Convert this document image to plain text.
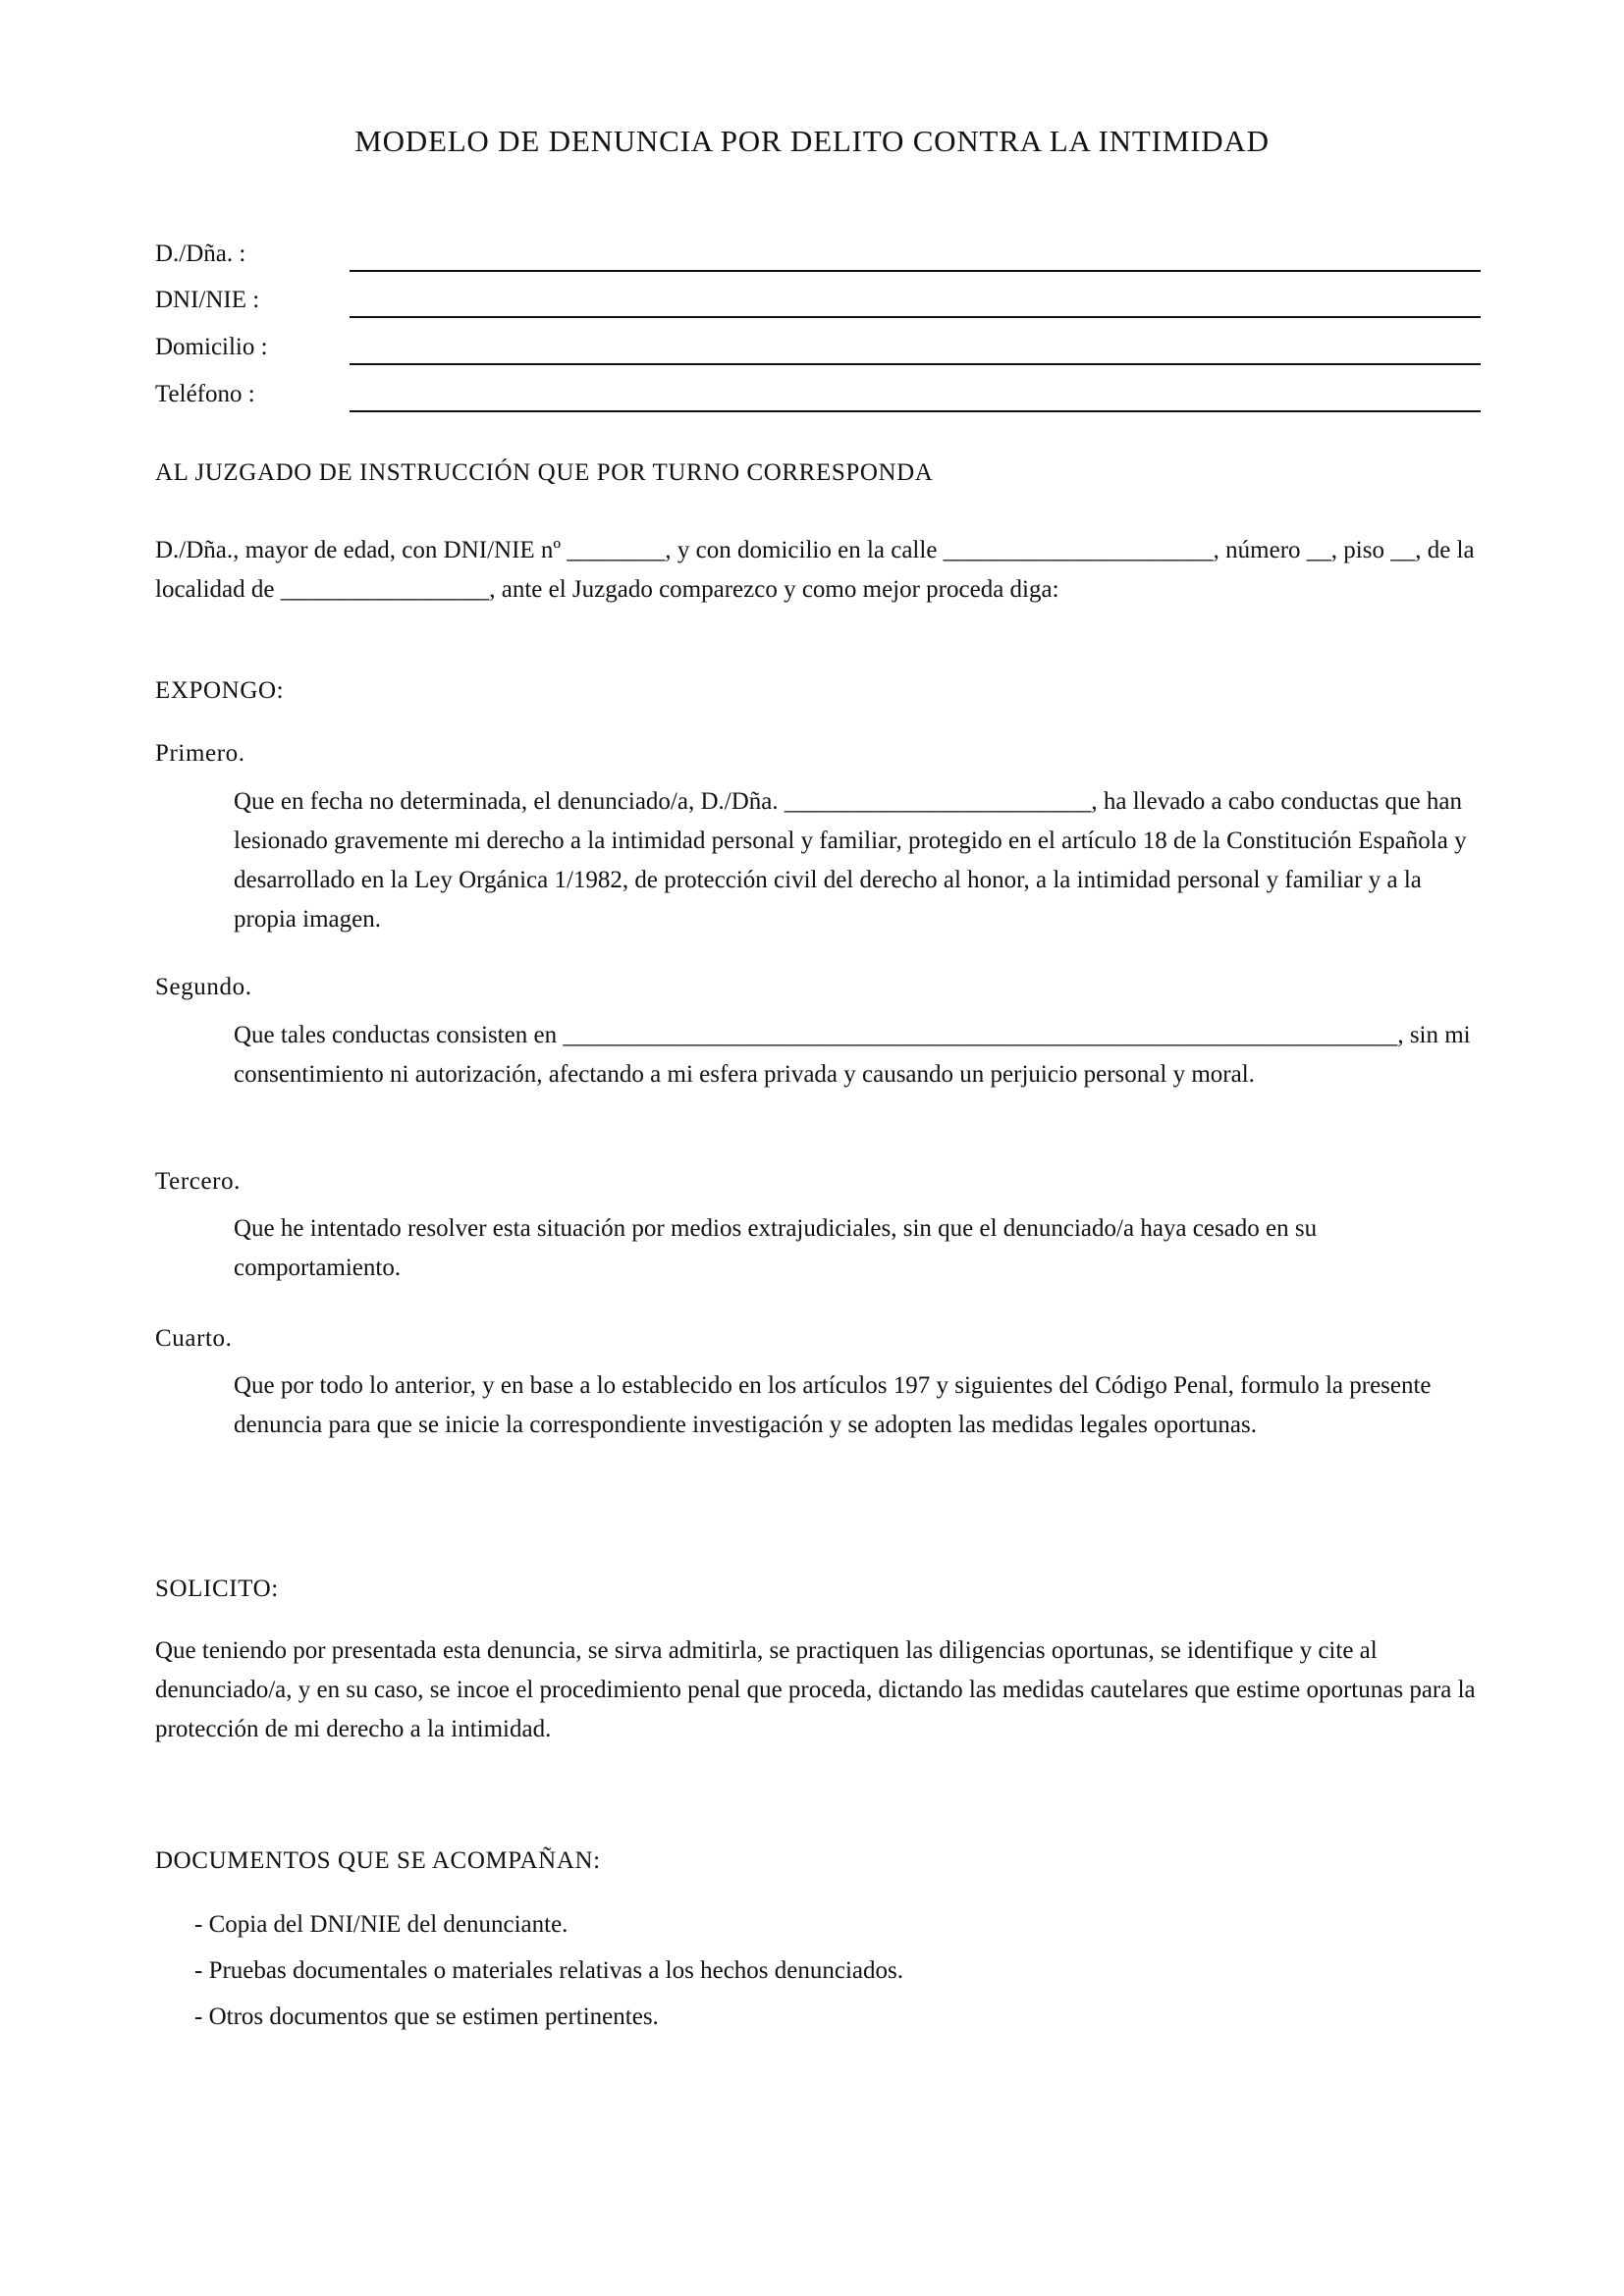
MODELO DE DENUNCIA POR DELITO CONTRA LA INTIMIDAD
D./Dña. :
DNI/NIE :
Domicilio :
Teléfono :
AL JUZGADO DE INSTRUCCIÓN QUE POR TURNO CORRESPONDA

D./Dña., mayor de edad, con DNI/NIE nº ________, y con domicilio en la calle ______________________, número __, piso __, de la localidad de _________________, ante el Juzgado comparezco y como mejor proceda diga:

EXPONGO:
Primero.

Que en fecha no determinada, el denunciado/a, D./Dña. _________________________, ha llevado a cabo conductas que han lesionado gravemente mi derecho a la intimidad personal y familiar, protegido en el artículo 18 de la Constitución Española y desarrollado en la Ley Orgánica 1/1982, de protección civil del derecho al honor, a la intimidad personal y familiar y a la propia imagen.

Segundo.

Que tales conductas consisten en ____________________________________________________________________, sin mi consentimiento ni autorización, afectando a mi esfera privada y causando un perjuicio personal y moral.

Tercero.

Que he intentado resolver esta situación por medios extrajudiciales, sin que el denunciado/a haya cesado en su comportamiento.

Cuarto.

Que por todo lo anterior, y en base a lo establecido en los artículos 197 y siguientes del Código Penal, formulo la presente denuncia para que se inicie la correspondiente investigación y se adopten las medidas legales oportunas.

SOLICITO:

Que teniendo por presentada esta denuncia, se sirva admitirla, se practiquen las diligencias oportunas, se identifique y cite al denunciado/a, y en su caso, se incoe el procedimiento penal que proceda, dictando las medidas cautelares que estime oportunas para la protección de mi derecho a la intimidad.

DOCUMENTOS QUE SE ACOMPAÑAN:
- Copia del DNI/NIE del denunciante.
- Pruebas documentales o materiales relativas a los hechos denunciados.
- Otros documentos que se estimen pertinentes.
